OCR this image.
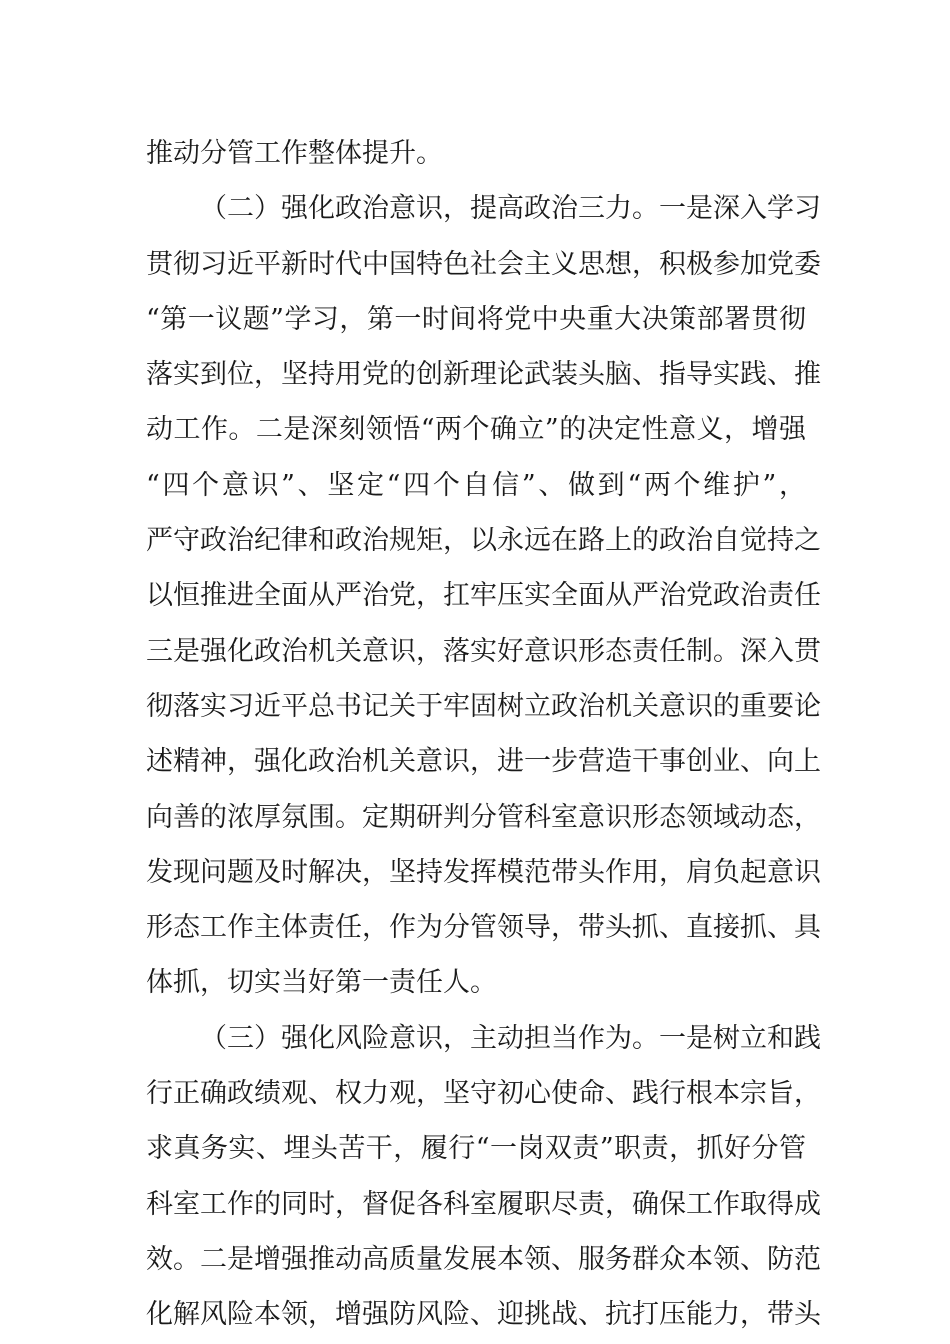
推动分管工作整体提升。
（二）强化政治意识，提高政治三力。一是深入学习
贯彻习近平新时代中国特色社会主义思想，积极参加党委
“第一议题”学习，第一时间将党中央重大决策部署贯彻
落实到位，坚持用党的创新理论武装头脑、指导实践、推
动工作。二是深刻领悟“两个确立”的决定性意义，增强
“四个意识”、坚定“四个自信”、做到“两个维护”，
严守政治纪律和政治规矩，以永远在路上的政治自觉持之
以恒推进全面从严治党，扛牢压实全面从严治党政治责任
三是强化政治机关意识，落实好意识形态责任制。深入贯
彻落实习近平总书记关于牢固树立政治机关意识的重要论
述精神，强化政治机关意识，进一步营造干事创业、向上
向善的浓厚氛围。定期研判分管科室意识形态领域动态，
发现问题及时解决，坚持发挥模范带头作用，肩负起意识
形态工作主体责任，作为分管领导，带头抓、直接抓、具
体抓，切实当好第一责任人。
（三）强化风险意识，主动担当作为。一是树立和践
行正确政绩观、权力观，坚守初心使命、践行根本宗旨，
求真务实、埋头苦干，履行“一岗双责”职责，抓好分管
科室工作的同时，督促各科室履职尽责，确保工作取得成
效。二是增强推动高质量发展本领、服务群众本领、防范
化解风险本领，增强防风险、迎挑战、抗打压能力，带头
